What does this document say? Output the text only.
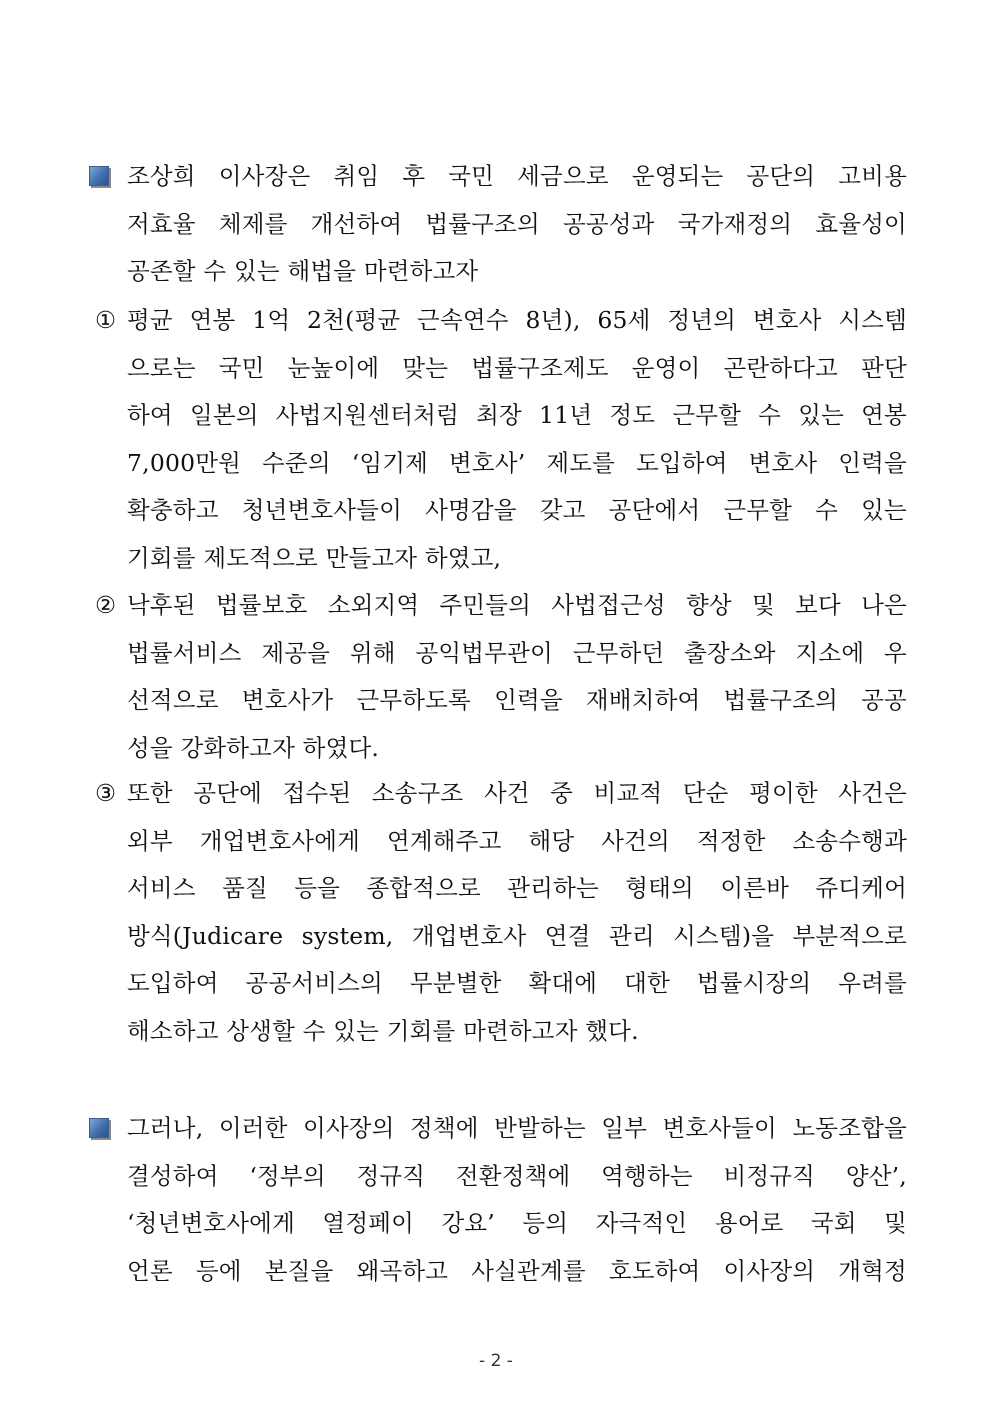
조상희 이사장은 취임 후 국민 세금으로 운영되는 공단의 고비용
저효율 체제를 개선하여 법률구조의 공공성과 국가재정의 효율성이
공존할 수 있는 해법을 마련하고자
① 평균 연봉 1억 2천(평균 근속연수 8년), 65세 정년의 변호사 시스템
으로는 국민 눈높이에 맞는 법률구조제도 운영이 곤란하다고 판단
하여 일본의 사법지원센터처럼 최장 11년 정도 근무할 수 있는 연봉
7,000만원 수준의 ‘임기제 변호사’ 제도를 도입하여 변호사 인력을
확충하고 청년변호사들이 사명감을 갖고 공단에서 근무할 수 있는
기회를 제도적으로 만들고자 하였고,
② 낙후된 법률보호 소외지역 주민들의 사법접근성 향상 및 보다 나은
법률서비스 제공을 위해 공익법무관이 근무하던 출장소와 지소에 우
선적으로 변호사가 근무하도록 인력을 재배치하여 법률구조의 공공
성을 강화하고자 하였다.
③ 또한 공단에 접수된 소송구조 사건 중 비교적 단순 평이한 사건은
외부 개업변호사에게 연계해주고 해당 사건의 적정한 소송수행과
서비스 품질 등을 종합적으로 관리하는 형태의 이른바 쥬디케어
방식(Judicare system, 개업변호사 연결 관리 시스템)을 부분적으로
도입하여 공공서비스의 무분별한 확대에 대한 법률시장의 우려를
해소하고 상생할 수 있는 기회를 마련하고자 했다.
그러나, 이러한 이사장의 정책에 반발하는 일부 변호사들이 노동조합을
결성하여 ‘정부의 정규직 전환정책에 역행하는 비정규직 양산’,
‘청년변호사에게 열정페이 강요’ 등의 자극적인 용어로 국회 및
언론 등에 본질을 왜곡하고 사실관계를 호도하여 이사장의 개혁정
- 2 -
